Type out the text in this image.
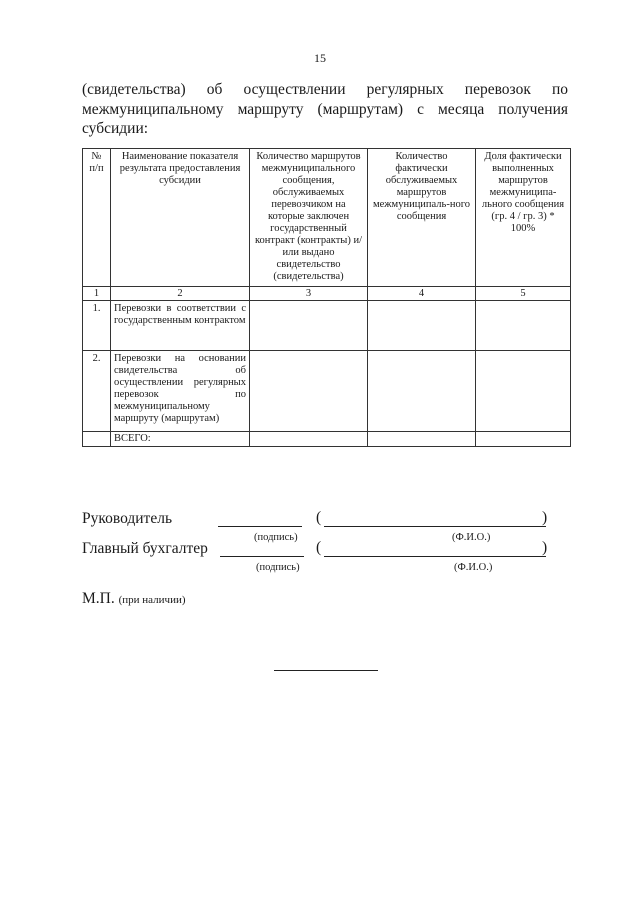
15
(свидетельства) об осуществлении регулярных перевозок по межмуниципальному маршруту (маршрутам) с месяца получения субсидии:
№ п/п	Наименование показателя результата предоставления субсидии	Количество маршрутов межмуниципального сообщения, обслуживаемых перевозчиком на которые заключен государственный контракт (контракты) и/или выдано свидетельство (свидетельства)	Количество фактически обслуживаемых маршрутов межмуниципаль-ного сообщения	Доля фактически выполненных маршрутов межмуниципа-льного сообщения (гр. 4 / гр. 3) * 100%
1	2	3	4	5
1.	Перевозки в соответствии с государственным контрактом			
2.	Перевозки на основании свидетельства об осуществлении регулярных перевозок по межмуниципальному маршруту (маршрутам)			
	ВСЕГО:			
Руководитель
(подпись)
(	)
(Ф.И.О.)
Главный бухгалтер
(подпись)
(	)
(Ф.И.О.)
М.П. (при наличии)
